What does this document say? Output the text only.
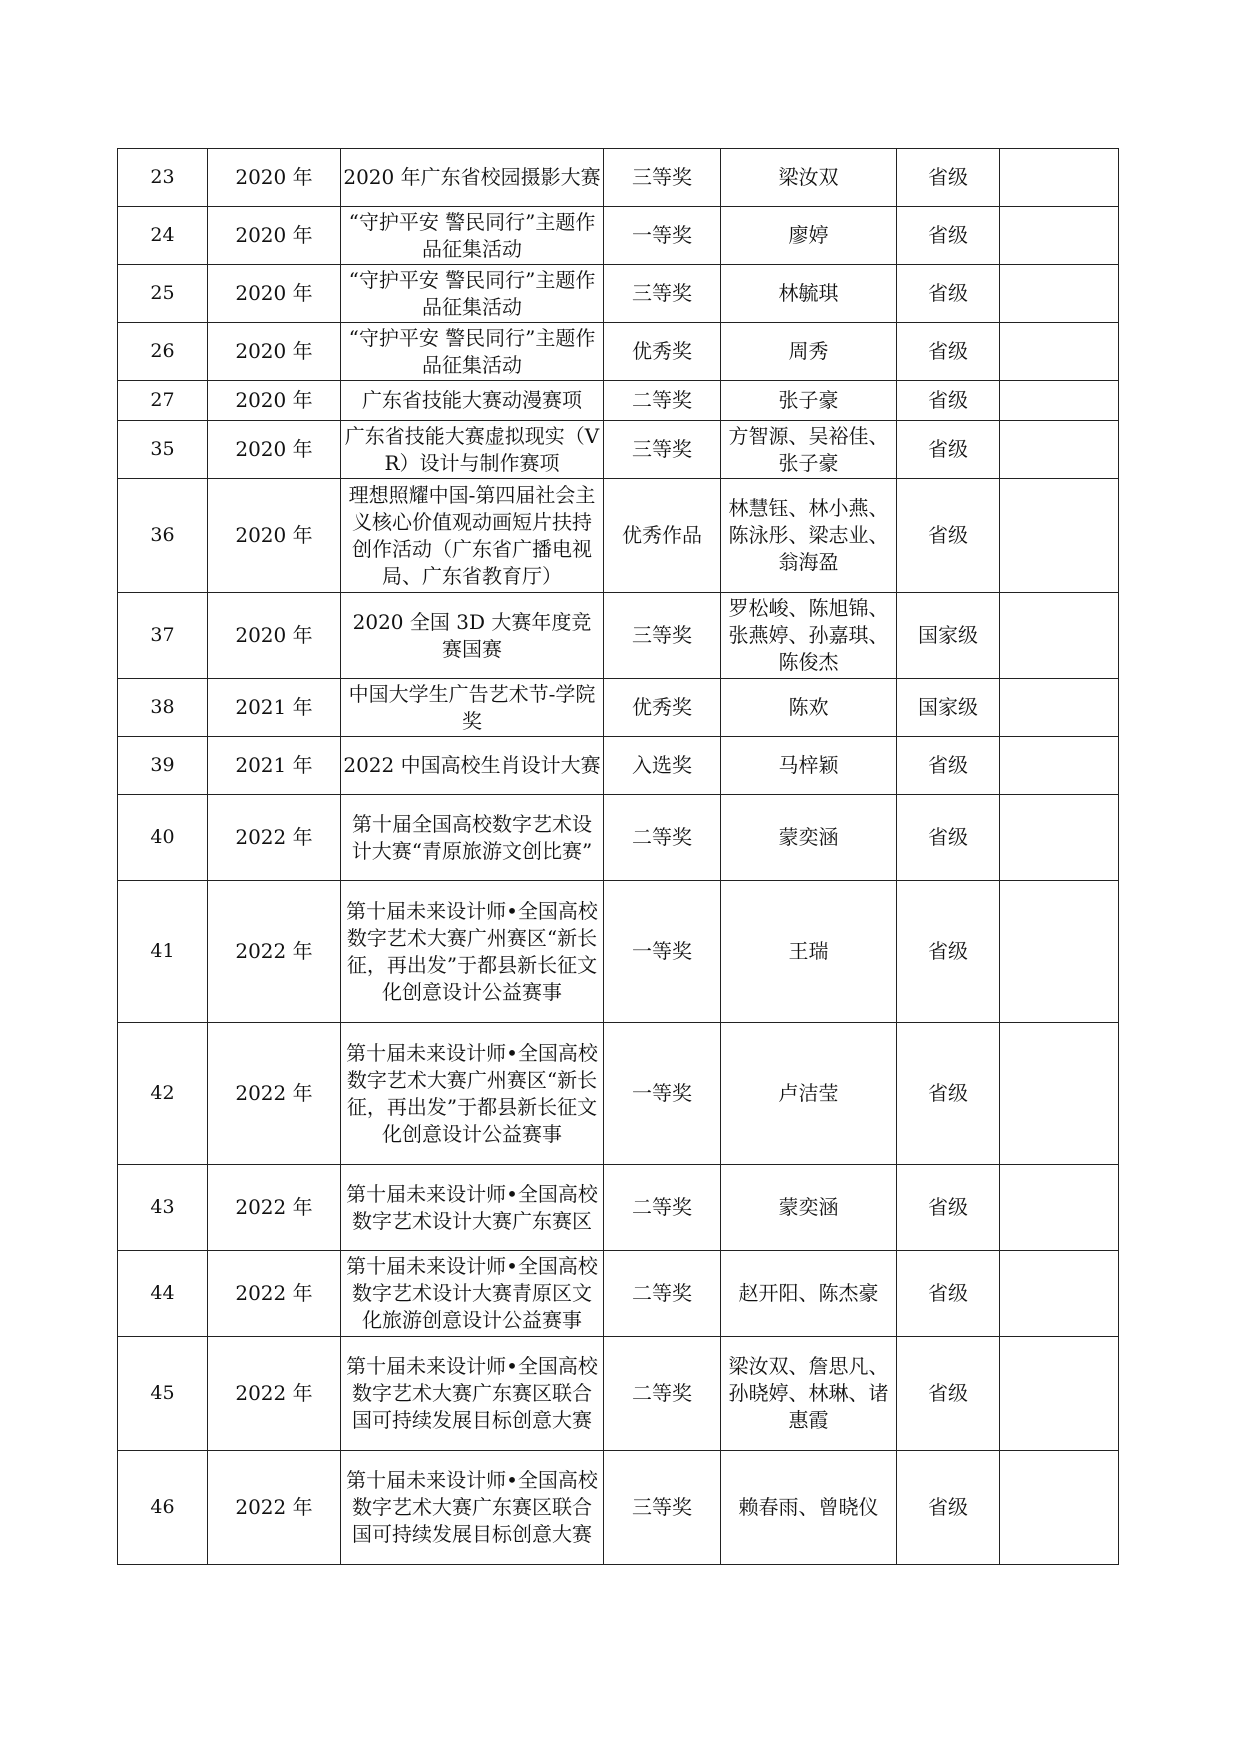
23	2020 年	2020 年广东省校园摄影大赛	三等奖	梁汝双	省级	
24	2020 年	“守护平安 警民同行”主题作品征集活动	一等奖	廖婷	省级	
25	2020 年	“守护平安 警民同行”主题作品征集活动	三等奖	林毓琪	省级	
26	2020 年	“守护平安 警民同行”主题作品征集活动	优秀奖	周秀	省级	
27	2020 年	广东省技能大赛动漫赛项	二等奖	张子豪	省级	
35	2020 年	广东省技能大赛虚拟现实（VR）设计与制作赛项	三等奖	方智源、吴裕佳、张子豪	省级	
36	2020 年	理想照耀中国-第四届社会主义核心价值观动画短片扶持创作活动（广东省广播电视局、广东省教育厅）	优秀作品	林慧钰、林小燕、陈泳彤、梁志业、翁海盈	省级	
37	2020 年	2020 全国 3D 大赛年度竞赛国赛	三等奖	罗松峻、陈旭锦、张燕婷、孙嘉琪、陈俊杰	国家级	
38	2021 年	中国大学生广告艺术节-学院奖	优秀奖	陈欢	国家级	
39	2021 年	2022 中国高校生肖设计大赛	入选奖	马梓颖	省级	
40	2022 年	第十届全国高校数字艺术设计大赛“青原旅游文创比赛”	二等奖	蒙奕涵	省级	
41	2022 年	第十届未来设计师•全国高校数字艺术大赛广州赛区“新长征，再出发”于都县新长征文化创意设计公益赛事	一等奖	王瑞	省级	
42	2022 年	第十届未来设计师•全国高校数字艺术大赛广州赛区“新长征，再出发”于都县新长征文化创意设计公益赛事	一等奖	卢洁莹	省级	
43	2022 年	第十届未来设计师•全国高校数字艺术设计大赛广东赛区	二等奖	蒙奕涵	省级	
44	2022 年	第十届未来设计师•全国高校数字艺术设计大赛青原区文化旅游创意设计公益赛事	二等奖	赵开阳、陈杰豪	省级	
45	2022 年	第十届未来设计师•全国高校数字艺术大赛广东赛区联合国可持续发展目标创意大赛	二等奖	梁汝双、詹思凡、孙晓婷、林琳、诸惠霞	省级	
46	2022 年	第十届未来设计师•全国高校数字艺术大赛广东赛区联合国可持续发展目标创意大赛	三等奖	赖春雨、曾晓仪	省级	
